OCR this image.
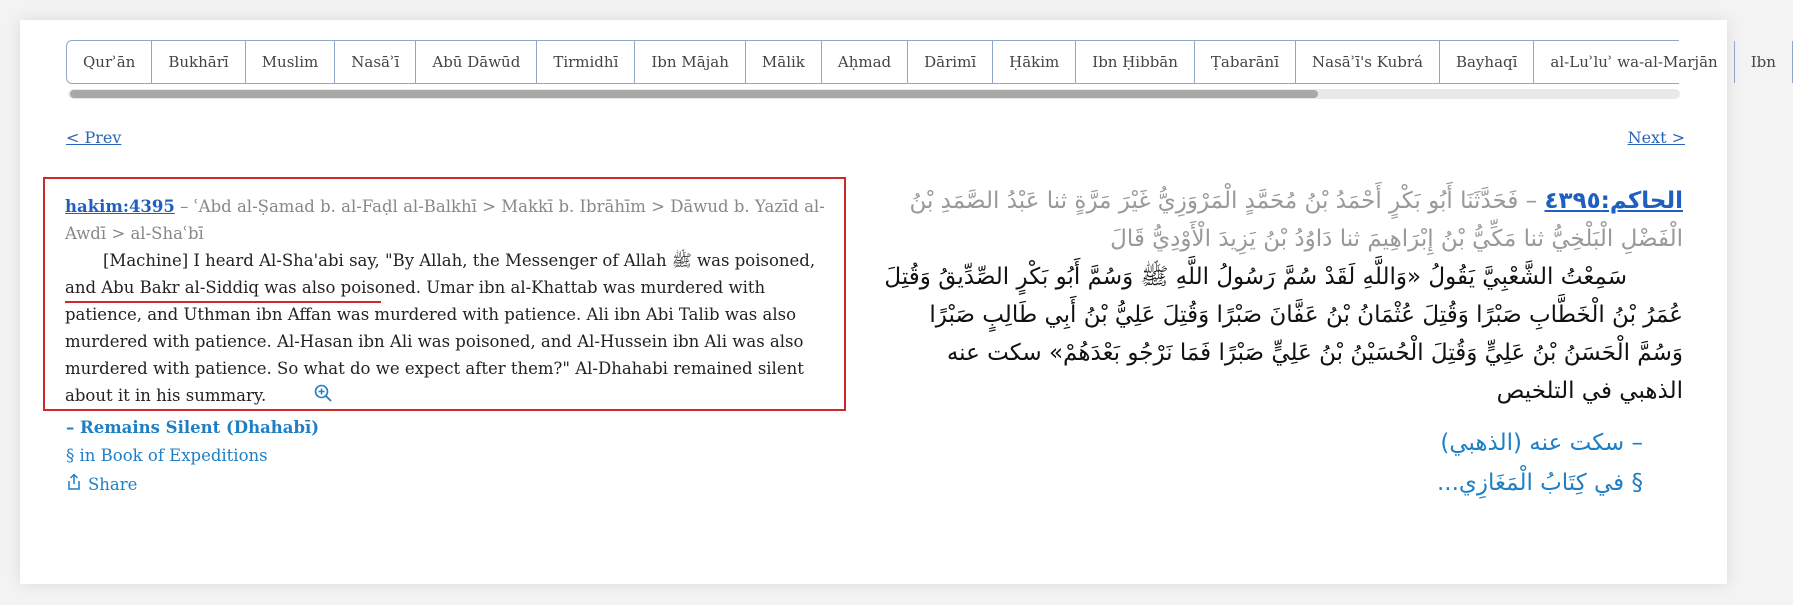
Qurʾān	Bukhārī	Muslim	Nasāʾī	Abū Dāwūd	Tirmidhī	Ibn Mājah	Mālik	Aḥmad	Dārimī	Ḥākim	Ibn Ḥibbān	Ṭabarānī	Nasāʾī's Kubrá	Bayhaqī	al-Luʾluʾ wa-al-Marjān	Ibn
< Prev	Next >
hakim:4395 – ʿAbd al-Ṣamad b. al-Faḍl al-Balkhī > Makkī b. Ibrāhīm > Dāwud b. Yazīd al-Awdī > al-Shaʿbī

[Machine] I heard Al-Sha'abi say, "By Allah, the Messenger of Allah ﷺ was poisoned, and Abu Bakr al-Siddiq was also poisoned. Umar ibn al-Khattab was murdered with patience, and Uthman ibn Affan was murdered with patience. Ali ibn Abi Talib was also murdered with patience. Al-Hasan ibn Ali was poisoned, and Al-Hussein ibn Ali was also murdered with patience. So what do we expect after them?" Al-Dhahabi remained silent about it in his summary.

– Remains Silent (Dhahabī)
§ in Book of Expeditions
Share

الحاكم:٤٣٩٥ – فَحَدَّثَنَا أَبُو بَكْرٍ أَحْمَدُ بْنُ مُحَمَّدٍ الْمَرْوَزِيُّ غَيْرَ مَرَّةٍ ثنا عَبْدُ الصَّمَدِ بْنُ الْفَضْلِ الْبَلْخِيُّ ثنا مَكِّيُّ بْنُ إِبْرَاهِيمَ ثنا دَاوُدُ بْنُ يَزِيدَ الْأَوْدِيُّ قَالَ

سَمِعْتُ الشَّعْبِيَّ يَقُولُ «وَاللَّهِ لَقَدْ سُمَّ رَسُولُ اللَّهِ ﷺ وَسُمَّ أَبُو بَكْرٍ الصِّدِّيقُ وَقُتِلَ عُمَرُ بْنُ الْخَطَّابِ صَبْرًا وَقُتِلَ عُثْمَانُ بْنُ عَفَّانَ صَبْرًا وَقُتِلَ عَلِيُّ بْنُ أَبِي طَالِبٍ صَبْرًا وَسُمَّ الْحَسَنُ بْنُ عَلِيٍّ وَقُتِلَ الْحُسَيْنُ بْنُ عَلِيٍّ صَبْرًا فَمَا نَرْجُو بَعْدَهُمْ» سكت عنه الذهبي في التلخيص

– سكت عنه (الذهبي)
§ في كِتَابُ الْمَغَازِي...
